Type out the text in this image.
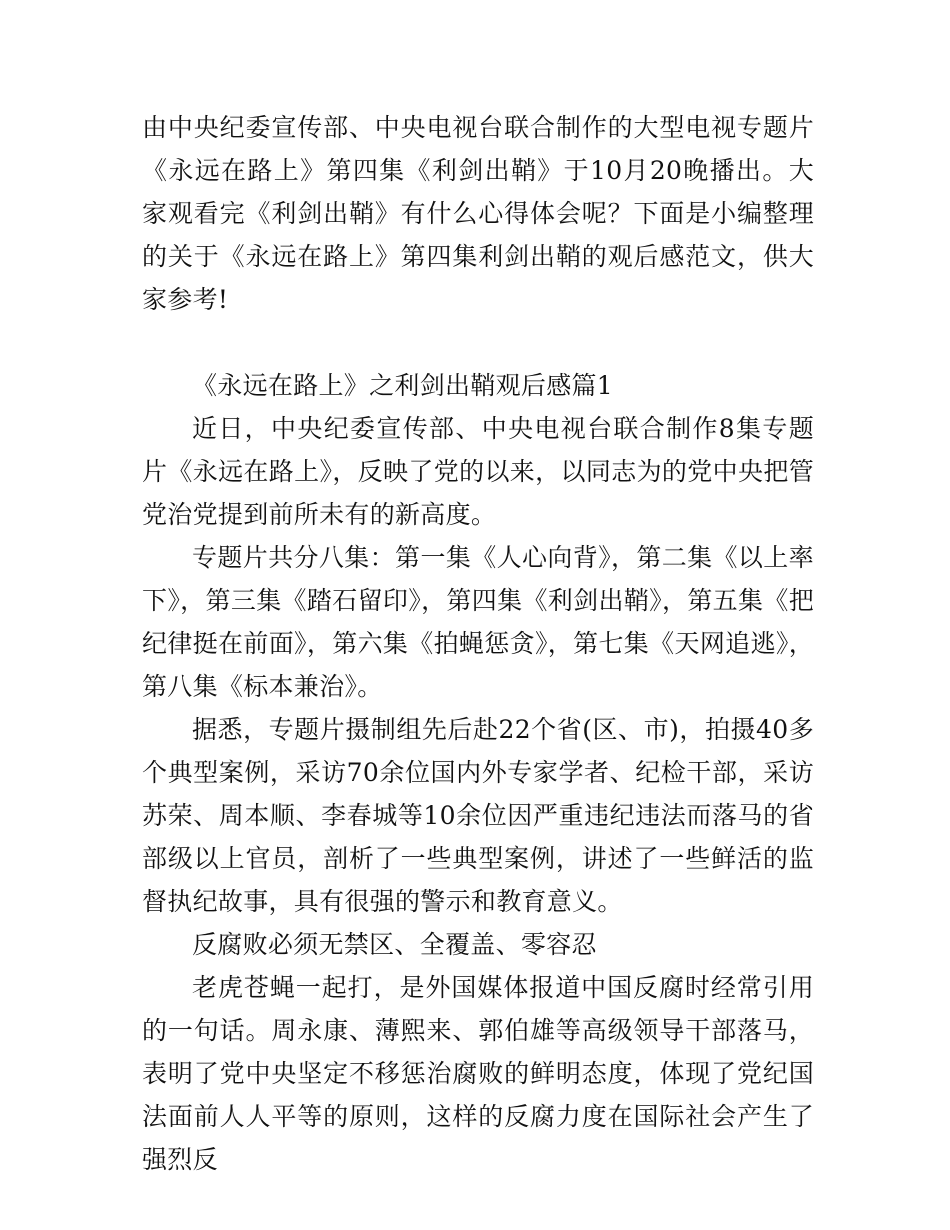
由中央纪委宣传部、中央电视台联合制作的大型电视专题片《永远在路上》第四集《利剑出鞘》于10月20晚播出。大家观看完《利剑出鞘》有什么心得体会呢？下面是小编整理的关于《永远在路上》第四集利剑出鞘的观后感范文，供大家参考!

《永远在路上》之利剑出鞘观后感篇1

近日，中央纪委宣传部、中央电视台联合制作8集专题片《永远在路上》，反映了党的以来，以同志为的党中央把管党治党提到前所未有的新高度。

专题片共分八集：第一集《人心向背》，第二集《以上率下》，第三集《踏石留印》，第四集《利剑出鞘》，第五集《把纪律挺在前面》，第六集《拍蝇惩贪》，第七集《天网追逃》，第八集《标本兼治》。

据悉，专题片摄制组先后赴22个省(区、市)，拍摄40多个典型案例，采访70余位国内外专家学者、纪检干部，采访苏荣、周本顺、李春城等10余位因严重违纪违法而落马的省部级以上官员，剖析了一些典型案例，讲述了一些鲜活的监督执纪故事，具有很强的警示和教育意义。

反腐败必须无禁区、全覆盖、零容忍

老虎苍蝇一起打，是外国媒体报道中国反腐时经常引用的一句话。周永康、薄熙来、郭伯雄等高级领导干部落马，表明了党中央坚定不移惩治腐败的鲜明态度，体现了党纪国法面前人人平等的原则，这样的反腐力度在国际社会产生了强烈反
